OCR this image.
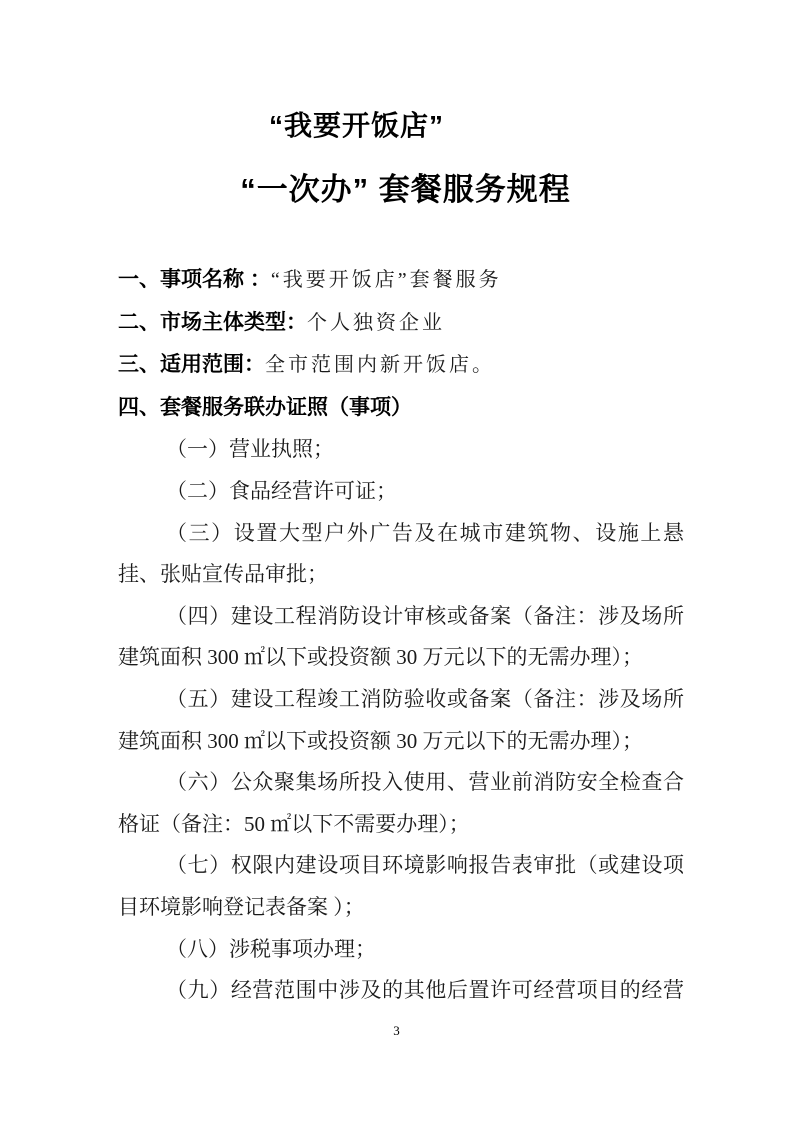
“我要开饭店”
“一次办” 套餐服务规程

一、事项名称 ：“我要开饭店”套餐服务

二、市场主体类型：个人独资企业

三、适用范围：全市范围内新开饭店。

四、套餐服务联办证照（事项）

（一）营业执照；

（二）食品经营许可证；

（三）设置大型户外广告及在城市建筑物、设施上悬挂、张贴宣传品审批；

（四）建设工程消防设计审核或备案（备注：涉及场所建筑面积 300 ㎡以下或投资额 30 万元以下的无需办理）；

（五）建设工程竣工消防验收或备案（备注：涉及场所建筑面积 300 ㎡以下或投资额 30 万元以下的无需办理）；

（六）公众聚集场所投入使用、营业前消防安全检查合格证（备注：50 ㎡以下不需要办理）；

（七）权限内建设项目环境影响报告表审批（或建设项目环境影响登记表备案 ）；

（八）涉税事项办理；

（九）经营范围中涉及的其他后置许可经营项目的经营

3
